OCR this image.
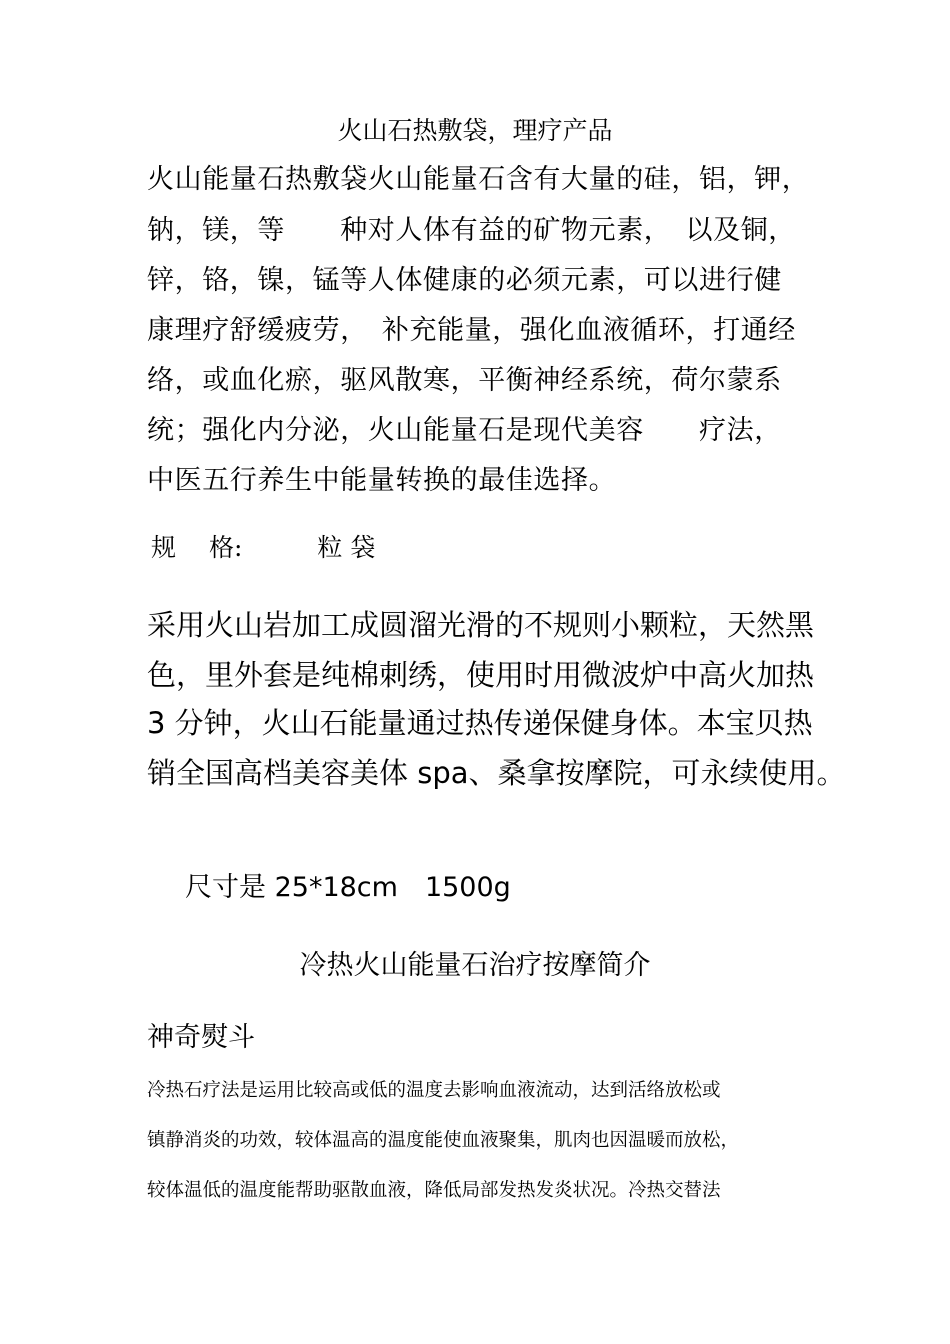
火山石热敷袋，理疗产品
火山能量石热敷袋火山能量石含有大量的硅，铝，钾，
钠，镁，等　　种对人体有益的矿物元素，　以及铜，
锌，铬，镍，锰等人体健康的必须元素，可以进行健
康理疗舒缓疲劳，　补充能量，强化血液循环，打通经
络，或血化瘀，驱风散寒，平衡神经系统，荷尔蒙系
统；强化内分泌，火山能量石是现代美容　　疗法，
中医五行养生中能量转换的最佳选择。
规　 格:　　　粒 袋
采用火山岩加工成圆溜光滑的不规则小颗粒，天然黑
色，里外套是纯棉刺绣，使用时用微波炉中高火加热
3 分钟，火山石能量通过热传递保健身体。本宝贝热
销全国高档美容美体 spa、桑拿按摩院，可永续使用。
尺寸是 25*18cm　1500g
冷热火山能量石治疗按摩简介
神奇熨斗
冷热石疗法是运用比较高或低的温度去影响血液流动，达到活络放松或
镇静消炎的功效，较体温高的温度能使血液聚集，肌肉也因温暖而放松，
较体温低的温度能帮助驱散血液，降低局部发热发炎状况。冷热交替法
